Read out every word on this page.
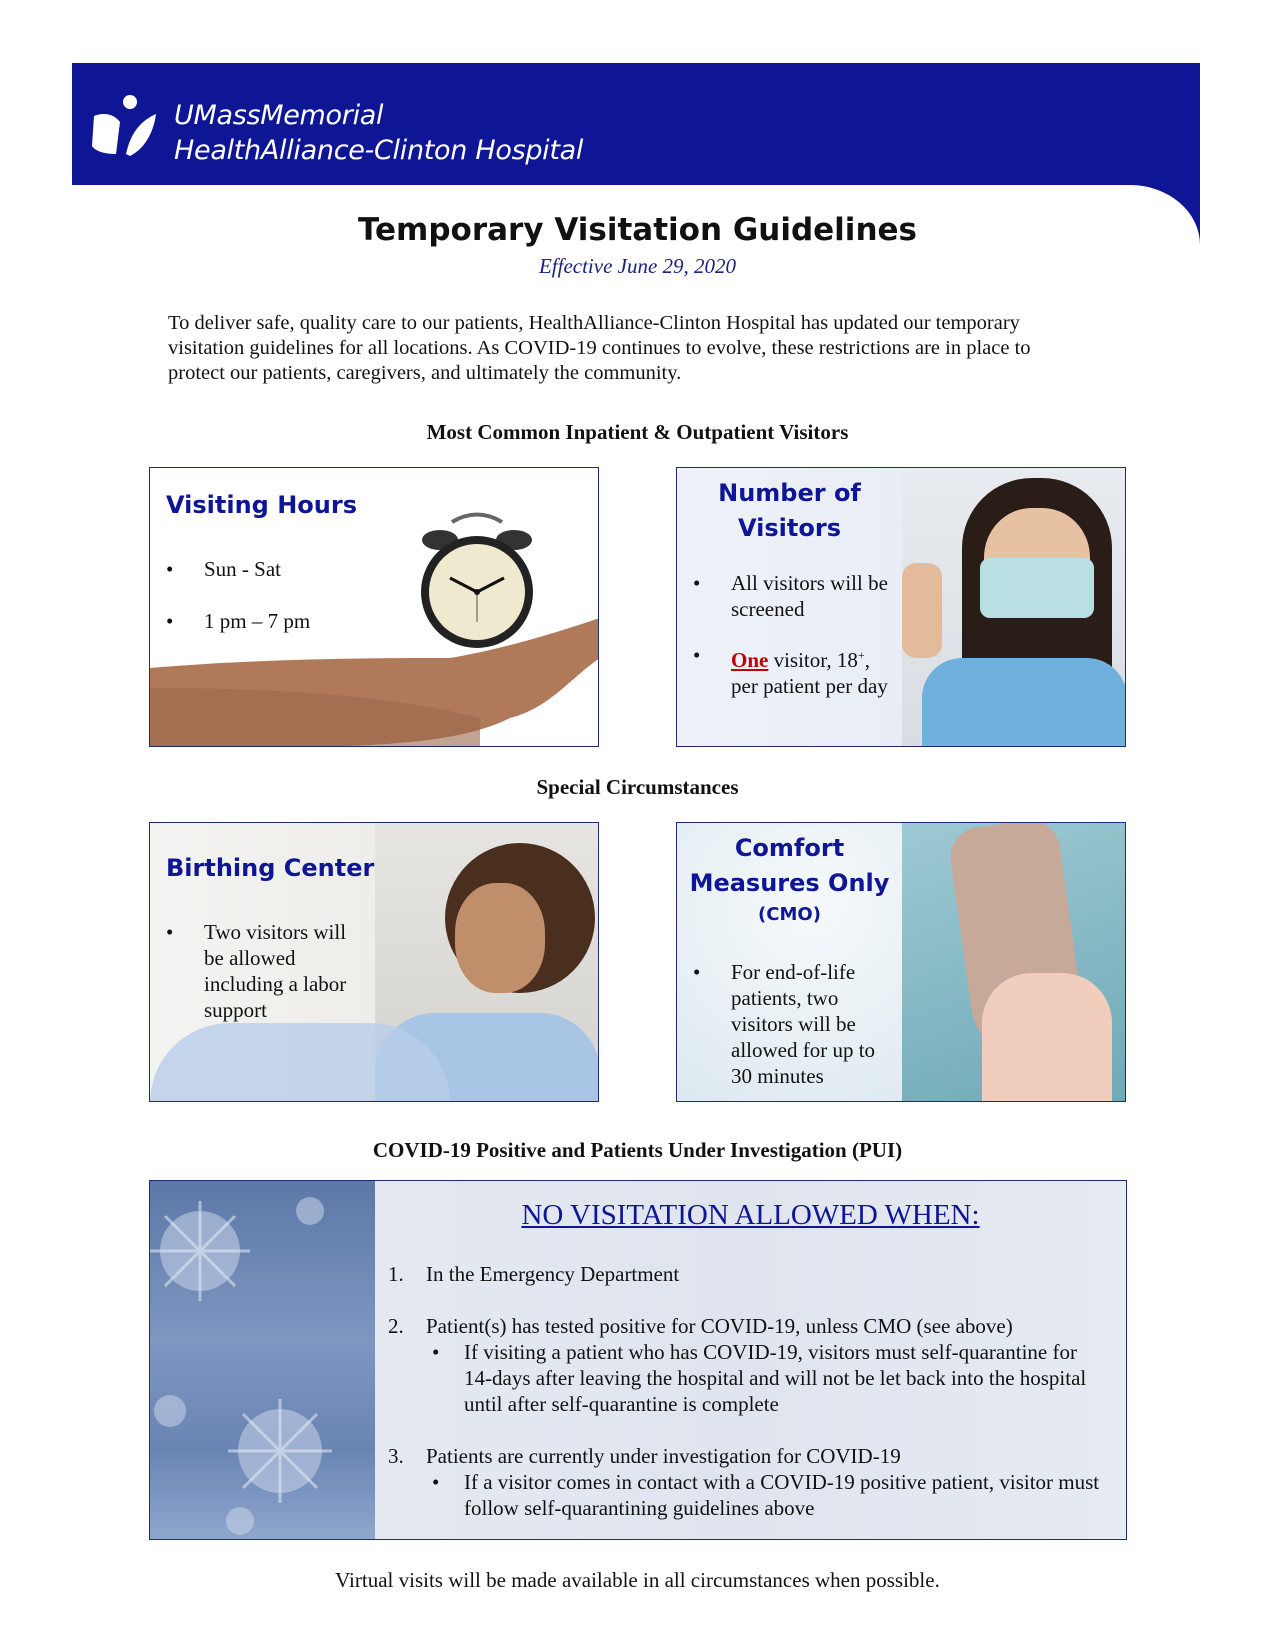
UMassMemorial
HealthAlliance-Clinton Hospital
Temporary Visitation Guidelines
Effective June 29, 2020
To deliver safe, quality care to our patients, HealthAlliance-Clinton Hospital has updated our temporary visitation guidelines for all locations. As COVID-19 continues to evolve, these restrictions are in place to protect our patients, caregivers, and ultimately the community.
Most Common Inpatient & Outpatient Visitors
Visiting Hours
• Sun - Sat
• 1 pm – 7 pm
Number of
Visitors
• All visitors will be screened
• One visitor, 18+, per patient per day
Special Circumstances
Birthing Center
• Two visitors will be allowed including a labor support
Comfort
Measures Only
(CMO)
• For end-of-life patients, two visitors will be allowed for up to 30 minutes
COVID-19 Positive and Patients Under Investigation (PUI)
NO VISITATION ALLOWED WHEN:
1. In the Emergency Department
2. Patient(s) has tested positive for COVID-19, unless CMO (see above)
• If visiting a patient who has COVID-19, visitors must self-quarantine for 14-days after leaving the hospital and will not be let back into the hospital until after self-quarantine is complete
3. Patients are currently under investigation for COVID-19
• If a visitor comes in contact with a COVID-19 positive patient, visitor must follow self-quarantining guidelines above
Virtual visits will be made available in all circumstances when possible.
